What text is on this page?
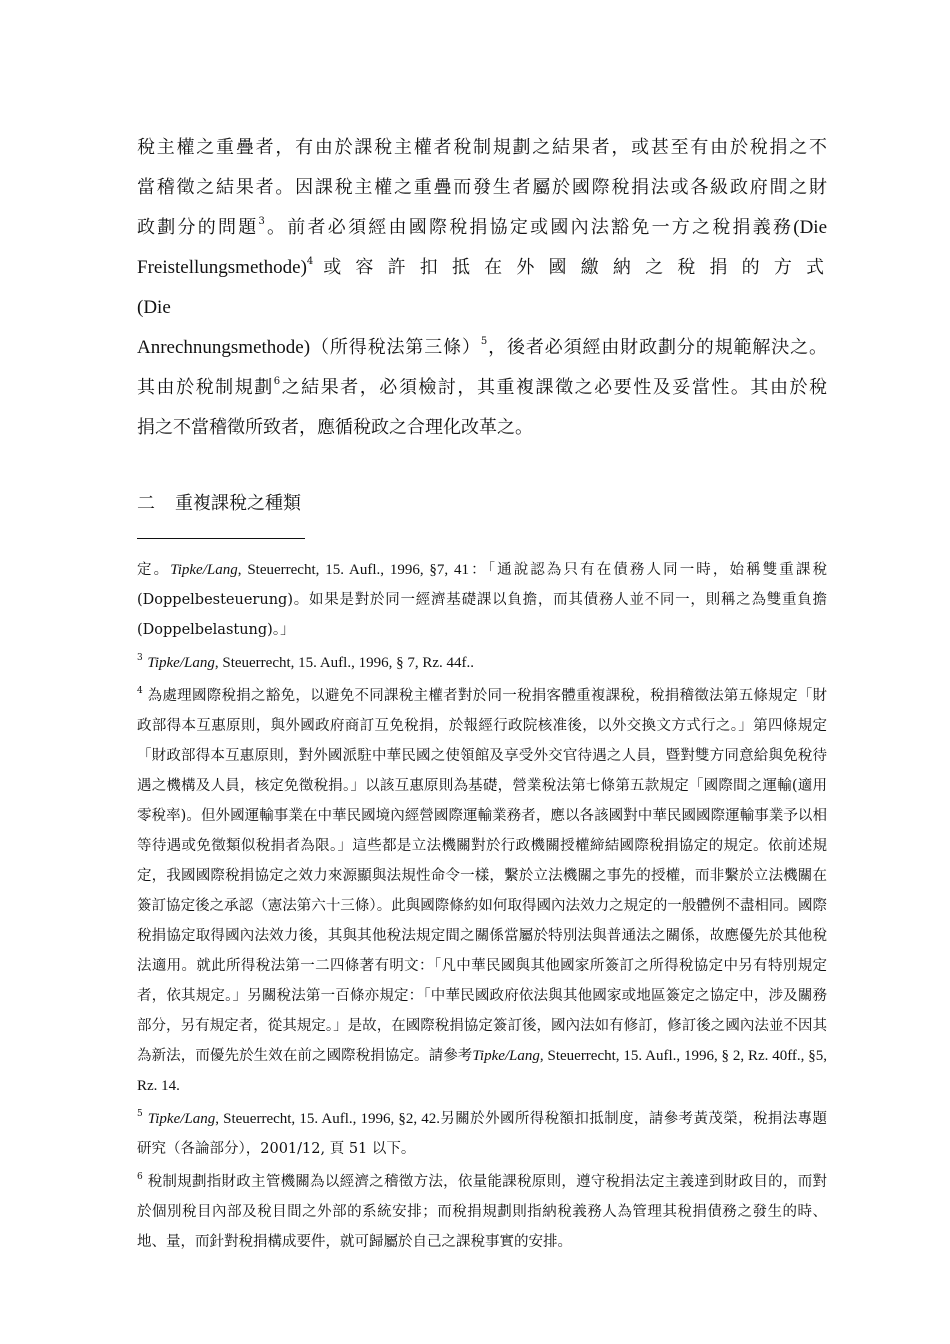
稅主權之重疊者，有由於課稅主權者稅制規劃之結果者，或甚至有由於稅捐之不

當稽徵之結果者。因課稅主權之重疊而發生者屬於國際稅捐法或各級政府間之財

政劃分的問題$^3$。前者必須經由國際稅捐協定或國內法豁免一方之稅捐義務(Die

Freistellungsmethode)$^4$ 或 容 許 扣 抵 在 外 國 繳 納 之 稅 捐 的 方 式 (Die

Anrechnungsmethode)（所得稅法第三條）$^5$，後者必須經由財政劃分的規範解決之。

其由於稅制規劃$^6$之結果者，必須檢討，其重複課徵之必要性及妥當性。其由於稅

捐之不當稽徵所致者，應循稅政之合理化改革之。

二 重複課稅之種類

定。Tipke/Lang, Steuerrecht, 15. Aufl., 1996, §7, 41：「通說認為只有在債務人同一時，始稱雙重課稅(Doppelbesteuerung)。如果是對於同一經濟基礎課以負擔，而其債務人並不同一，則稱之為雙重負擔(Doppelbelastung)。」

$^3$ Tipke/Lang, Steuerrecht, 15. Aufl., 1996, § 7, Rz. 44f..

$^4$ 為處理國際稅捐之豁免，以避免不同課稅主權者對於同一稅捐客體重複課稅，稅捐稽徵法第五條規定「財政部得本互惠原則，與外國政府商訂互免稅捐，於報經行政院核准後，以外交換文方式行之。」第四條規定「財政部得本互惠原則，對外國派駐中華民國之使領館及享受外交官待遇之人員，暨對雙方同意給與免稅待遇之機構及人員，核定免徵稅捐。」以該互惠原則為基礎，營業稅法第七條第五款規定「國際間之運輸(適用零稅率)。但外國運輸事業在中華民國境內經營國際運輸業務者，應以各該國對中華民國國際運輸事業予以相等待遇或免徵類似稅捐者為限。」這些都是立法機關對於行政機關授權締結國際稅捐協定的規定。依前述規定，我國國際稅捐協定之效力來源顯與法規性命令一樣，繫於立法機關之事先的授權，而非繫於立法機關在簽訂協定後之承認（憲法第六十三條）。此與國際條約如何取得國內法效力之規定的一般體例不盡相同。國際稅捐協定取得國內法效力後，其與其他稅法規定間之關係當屬於特別法與普通法之關係，故應優先於其他稅法適用。就此所得稅法第一二四條著有明文：「凡中華民國與其他國家所簽訂之所得稅協定中另有特別規定者，依其規定。」另關稅法第一百條亦規定：「中華民國政府依法與其他國家或地區簽定之協定中，涉及關務部分，另有規定者，從其規定。」是故，在國際稅捐協定簽訂後，國內法如有修訂，修訂後之國內法並不因其為新法，而優先於生效在前之國際稅捐協定。請參考Tipke/Lang, Steuerrecht, 15. Aufl., 1996, § 2, Rz. 40ff., §5, Rz. 14.

$^5$ Tipke/Lang, Steuerrecht, 15. Aufl., 1996, §2, 42.另關於外國所得稅額扣抵制度，請參考黃茂榮，稅捐法專題研究（各論部分），2001/12, 頁 51 以下。

$^6$ 稅制規劃指財政主管機關為以經濟之稽徵方法，依量能課稅原則，遵守稅捐法定主義達到財政目的，而對於個別稅目內部及稅目間之外部的系統安排；而稅捐規劃則指納稅義務人為管理其稅捐債務之發生的時、地、量，而針對稅捐構成要件，就可歸屬於自己之課稅事實的安排。
